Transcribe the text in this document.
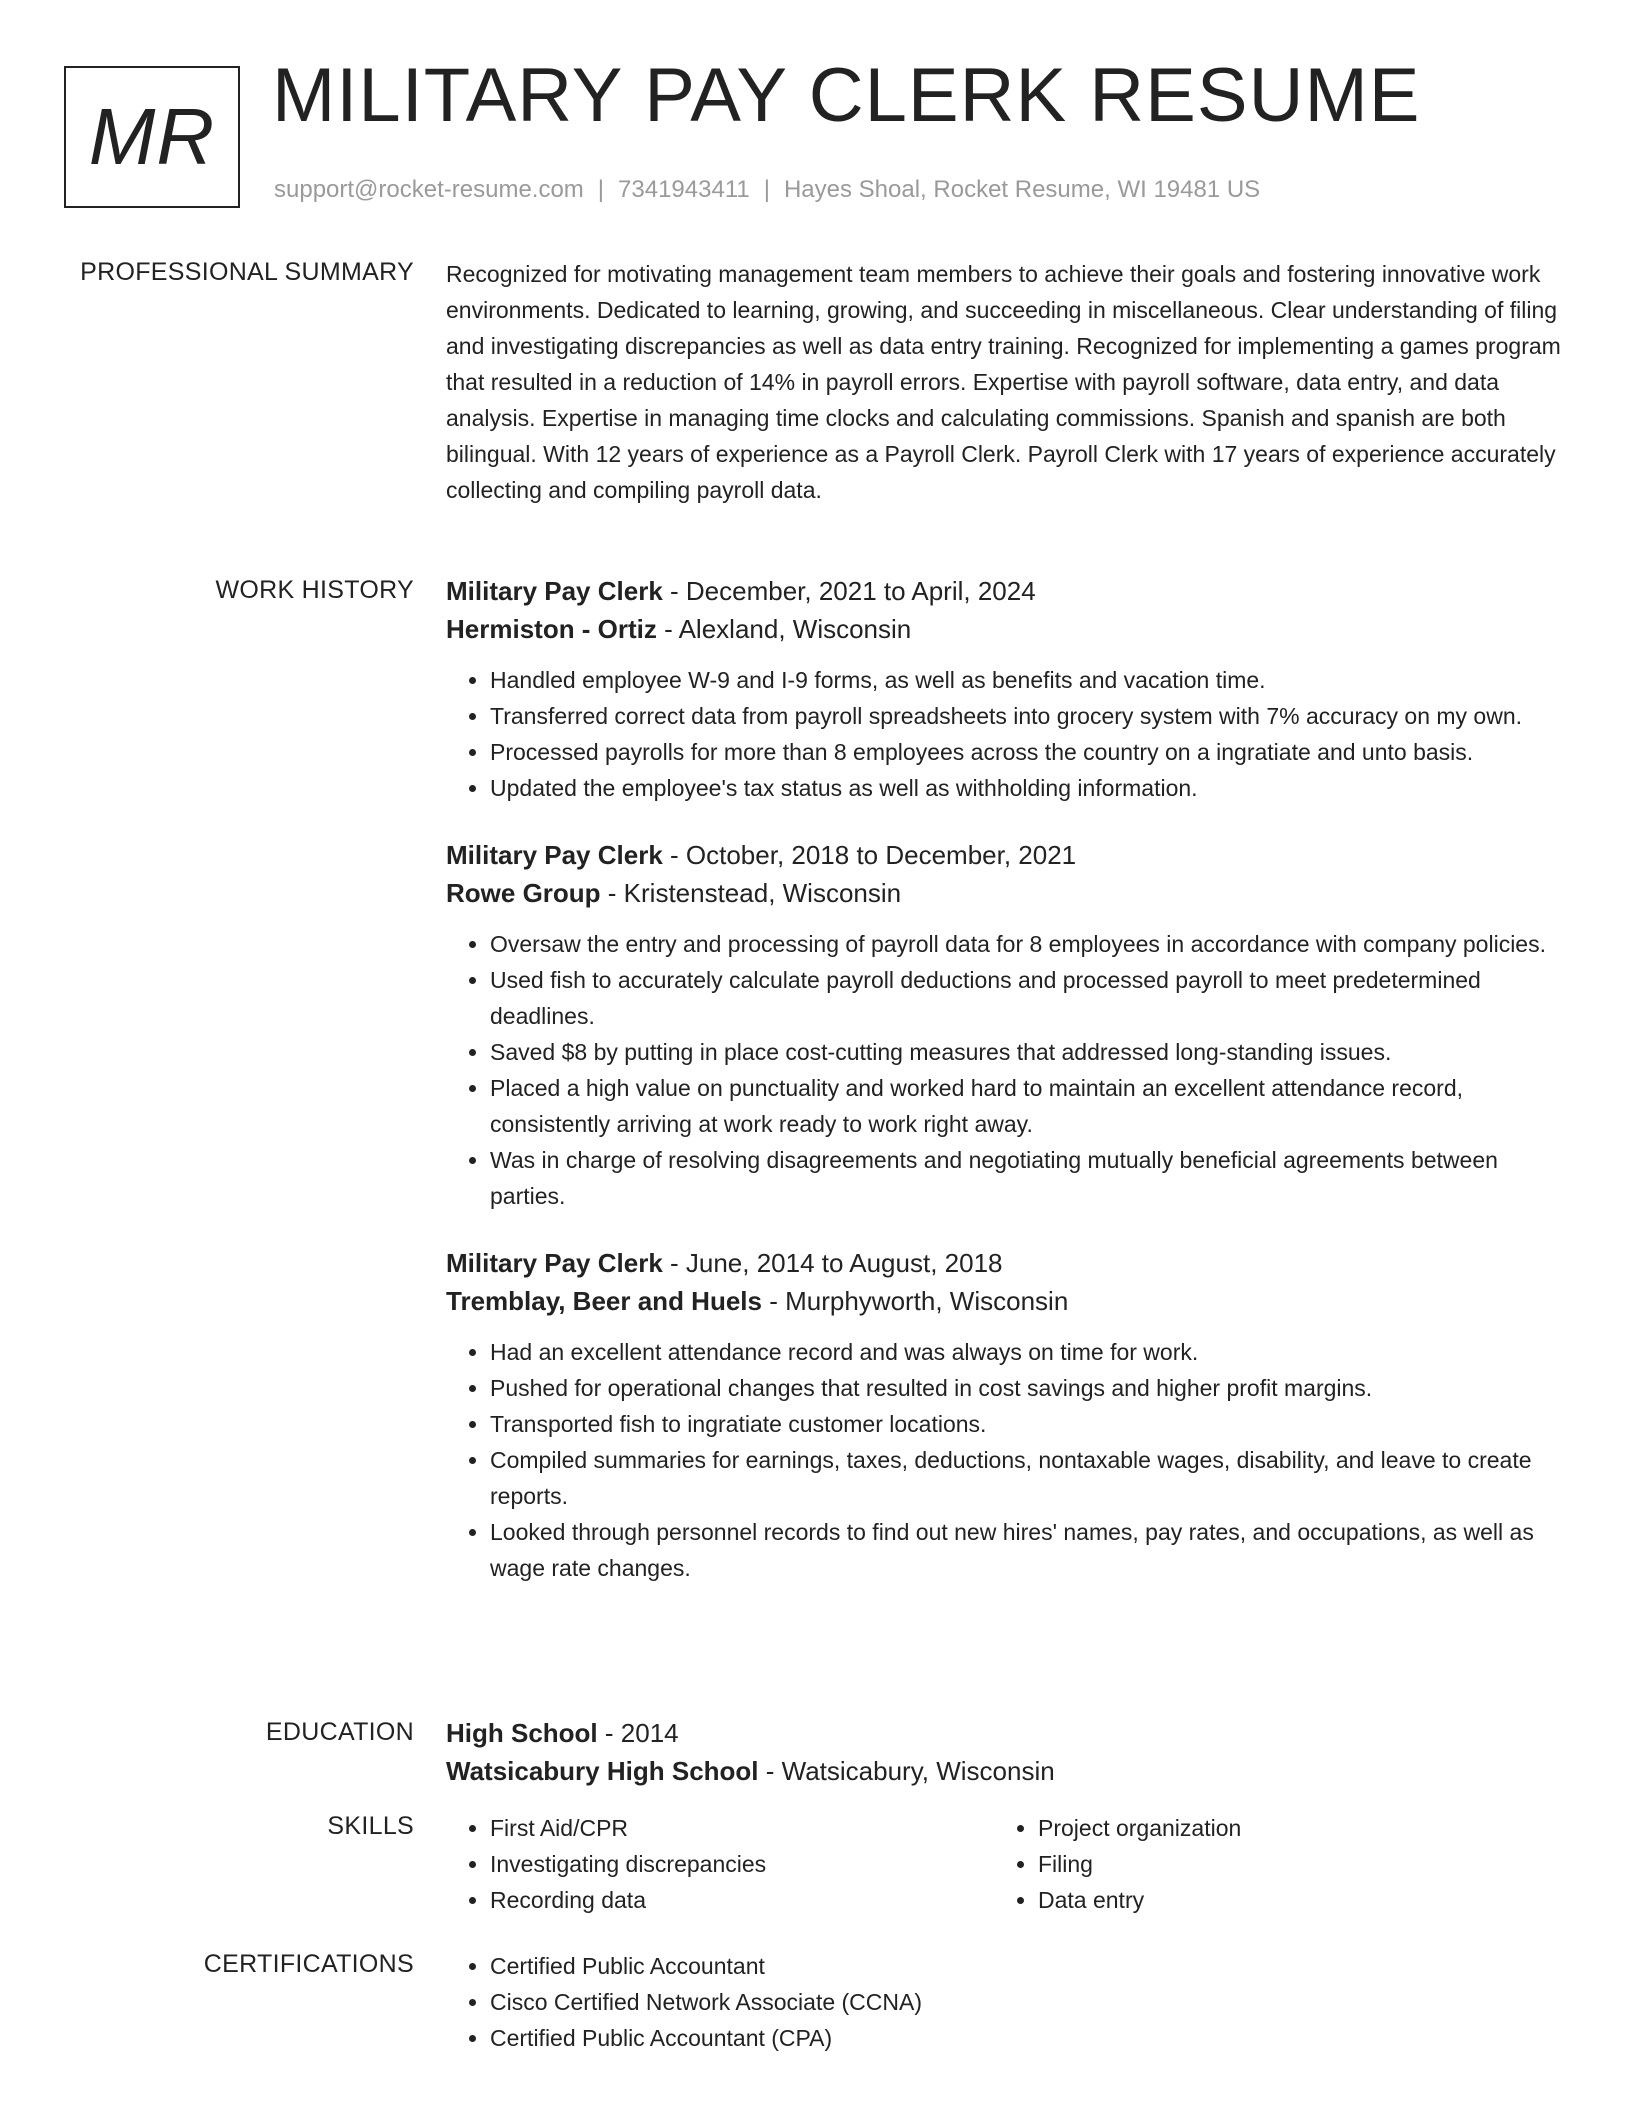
MR MILITARY PAY CLERK RESUME
support@rocket-resume.com | 7341943411 | Hayes Shoal, Rocket Resume, WI 19481 US
PROFESSIONAL SUMMARY Recognized for motivating management team members to achieve their goals and fostering innovative work environments. Dedicated to learning, growing, and succeeding in miscellaneous. Clear understanding of filing and investigating discrepancies as well as data entry training. Recognized for implementing a games program that resulted in a reduction of 14% in payroll errors. Expertise with payroll software, data entry, and data analysis. Expertise in managing time clocks and calculating commissions. Spanish and spanish are both bilingual. With 12 years of experience as a Payroll Clerk. Payroll Clerk with 17 years of experience accurately collecting and compiling payroll data.

WORK HISTORY Military Pay Clerk - December, 2021 to April, 2024
Hermiston - Ortiz - Alexland, Wisconsin
• Handled employee W-9 and I-9 forms, as well as benefits and vacation time.
• Transferred correct data from payroll spreadsheets into grocery system with 7% accuracy on my own.
• Processed payrolls for more than 8 employees across the country on a ingratiate and unto basis.
• Updated the employee's tax status as well as withholding information.
Military Pay Clerk - October, 2018 to December, 2021
Rowe Group - Kristenstead, Wisconsin
• Oversaw the entry and processing of payroll data for 8 employees in accordance with company policies.
• Used fish to accurately calculate payroll deductions and processed payroll to meet predetermined deadlines.
• Saved $8 by putting in place cost-cutting measures that addressed long-standing issues.
• Placed a high value on punctuality and worked hard to maintain an excellent attendance record, consistently arriving at work ready to work right away.
• Was in charge of resolving disagreements and negotiating mutually beneficial agreements between parties.
Military Pay Clerk - June, 2014 to August, 2018
Tremblay, Beer and Huels - Murphyworth, Wisconsin
• Had an excellent attendance record and was always on time for work.
• Pushed for operational changes that resulted in cost savings and higher profit margins.
• Transported fish to ingratiate customer locations.
• Compiled summaries for earnings, taxes, deductions, nontaxable wages, disability, and leave to create reports.
• Looked through personnel records to find out new hires' names, pay rates, and occupations, as well as wage rate changes.
EDUCATION High School - 2014
Watsicabury High School - Watsicabury, Wisconsin
SKILLS	• First Aid/CPR
• Investigating discrepancies
• Recording data
• Project organization
• Filing
• Data entry
CERTIFICATIONS	• Certified Public Accountant
• Cisco Certified Network Associate (CCNA)
• Certified Public Accountant (CPA)
